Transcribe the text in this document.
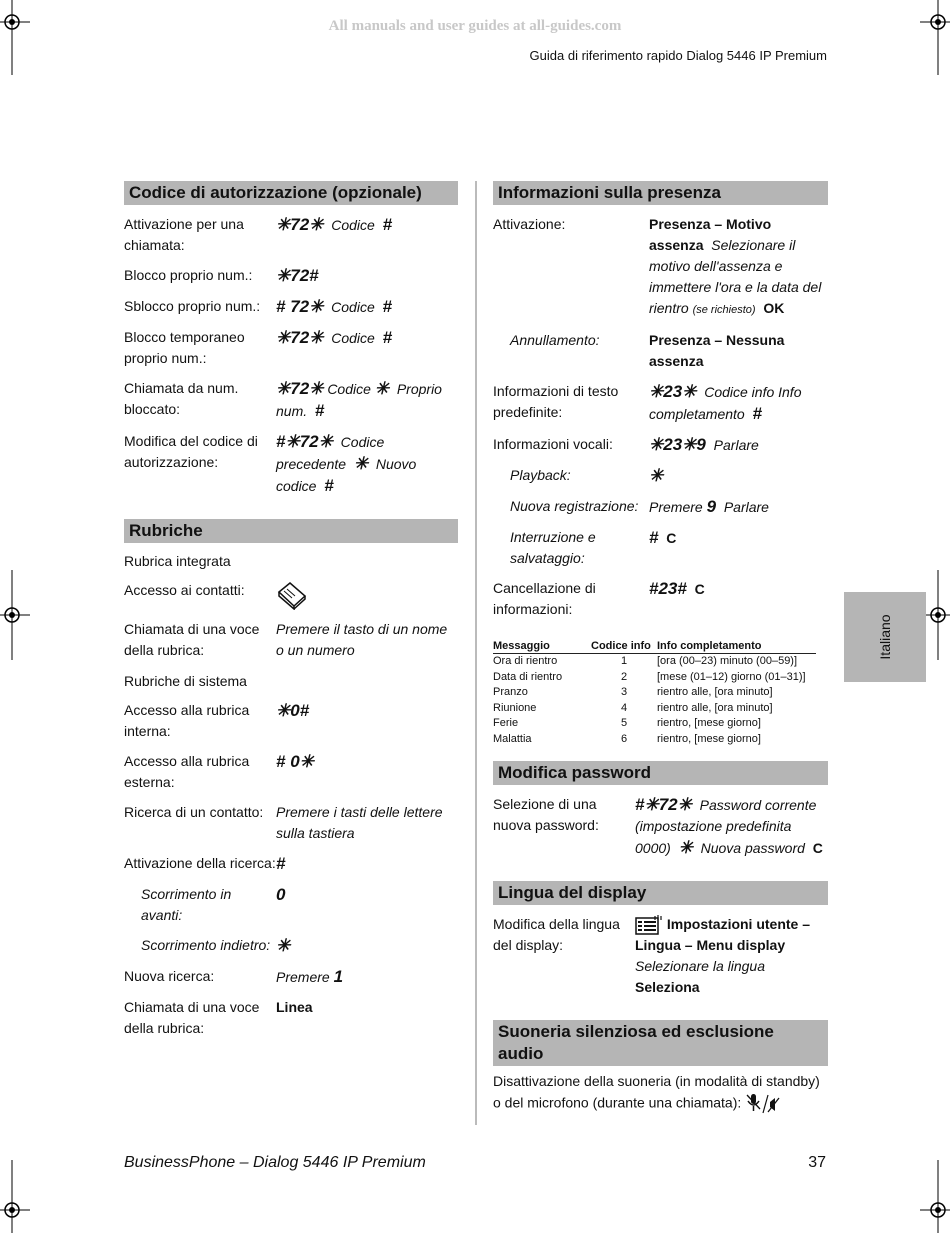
All manuals and user guides at all-guides.com
Guida di riferimento rapido Dialog 5446 IP Premium
Codice di autorizzazione (opzionale)
Attivazione per una chiamata:
✳72✳ Codice #
Blocco proprio num.:	✳72#
Sblocco proprio num.: # 72✳ Codice #
Blocco temporaneo proprio num.:
✳72✳ Codice #
Chiamata da num. bloccato:
✳72✳ Codice ✳ Proprio num. #
Modifica del codice di autorizzazione:
#✳72✳ Codice precedente ✳ Nuovo codice #
Rubriche
Rubrica integrata
Accesso ai contatti:
Chiamata di una voce della rubrica:
Premere il tasto di un nome o un numero
Rubriche di sistema
Accesso alla rubrica interna:
✳0#
Accesso alla rubrica esterna:
# 0✳
Ricerca di un contatto: Premere i tasti delle lettere sulla tastiera
Attivazione della ricerca: #
Scorrimento in avanti:
0
Scorrimento indietro: ✳
Nuova ricerca:	Premere 1
Chiamata di una voce della rubrica:
Linea
Informazioni sulla presenza
Attivazione:	Presenza – Motivo assenza Selezionare il motivo dell'assenza e immettere l'ora e la data del rientro (se richiesto) OK
Annullamento:	Presenza – Nessuna assenza
Informazioni di testo predefinite:
✳23✳ Codice info Info completamento #
Informazioni vocali:	✳23✳9 Parlare
Playback:	✳
Nuova registrazione: Premere 9 Parlare
Interruzione e salvataggio:
# C
Cancellazione di informazioni:
#23# C
Messaggio	Codice info	Info completamento
Ora di rientro	1	[ora (00–23) minuto (00–59)]
Data di rientro	2	[mese (01–12) giorno (01–31)]
Pranzo	3	rientro alle, [ora minuto]
Riunione	4	rientro alle, [ora minuto]
Ferie	5	rientro, [mese giorno]
Malattia	6	rientro, [mese giorno]
Modifica password
Selezione di una nuova password:
#✳72✳ Password corrente (impostazione predefinita 0000) ✳ Nuova password C
Lingua del display
Modifica della lingua del display:
Impostazioni utente – Lingua – Menu display Selezionare la lingua
Seleziona
Suoneria silenziosa ed esclusione audio
Disattivazione della suoneria (in modalità di standby) o del microfono (durante una chiamata):
Italiano
BusinessPhone – Dialog 5446 IP Premium	37
